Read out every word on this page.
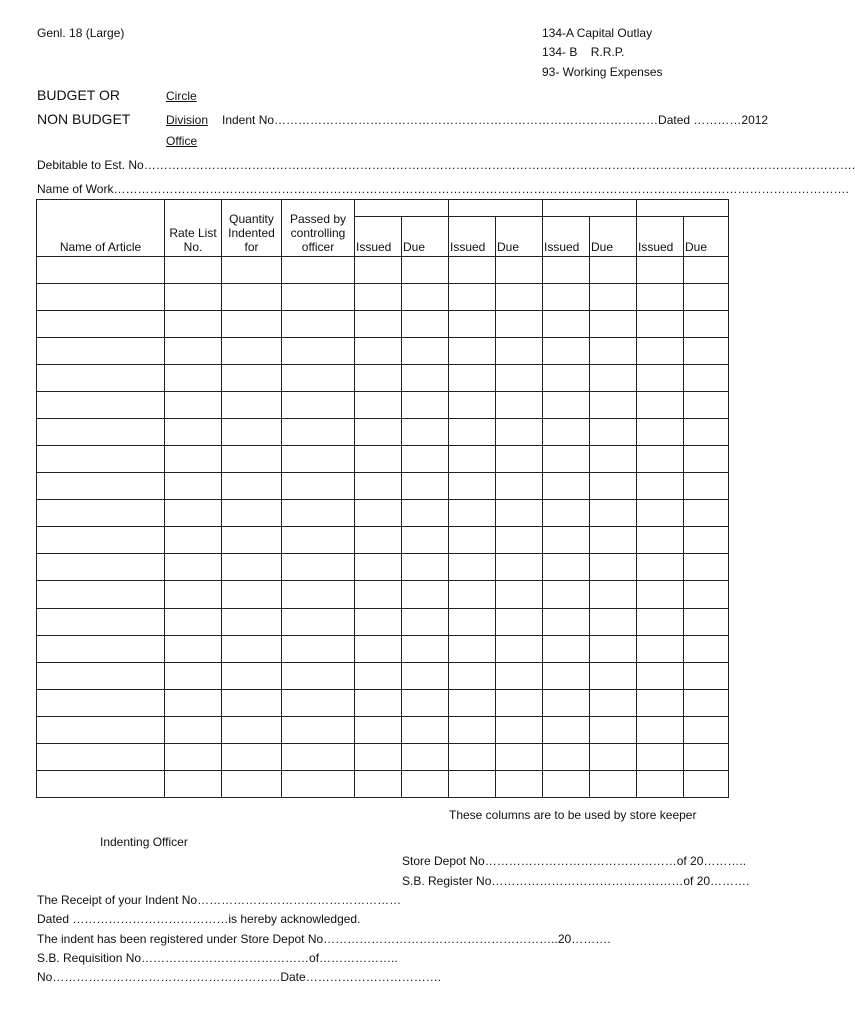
Genl. 18 (Large)	134-A Capital Outlay
134- B    R.R.P.
93- Working Expenses
BUDGET OR
NON BUDGET
Circle
Division
Office
Indent No……………………………………………………………………………………Dated …………2012
Debitable to Est. No…………………………………………………………………………………………………………………………………………………………….
Name of Work………………………………………………………………………………………………………………………………………………………………….
Name of Article	Rate List No.	Quantity Indented for	Passed by controlling officer								
				Issued	Due	Issued	Due	Issued	Due	Issued	Due

These columns are to be used by store keeper
Indenting Officer
Store Depot No…………………………………………of 20………..
S.B. Register No…………………………………………of 20……….
The Receipt of your Indent No……………………………………………
Dated …………………………………is hereby acknowledged.
The indent has been registered under Store Depot No…………………………………………………..20……….
S.B. Requisition No……………………………………of………………..
No…………………………………………………Date…………………………….
